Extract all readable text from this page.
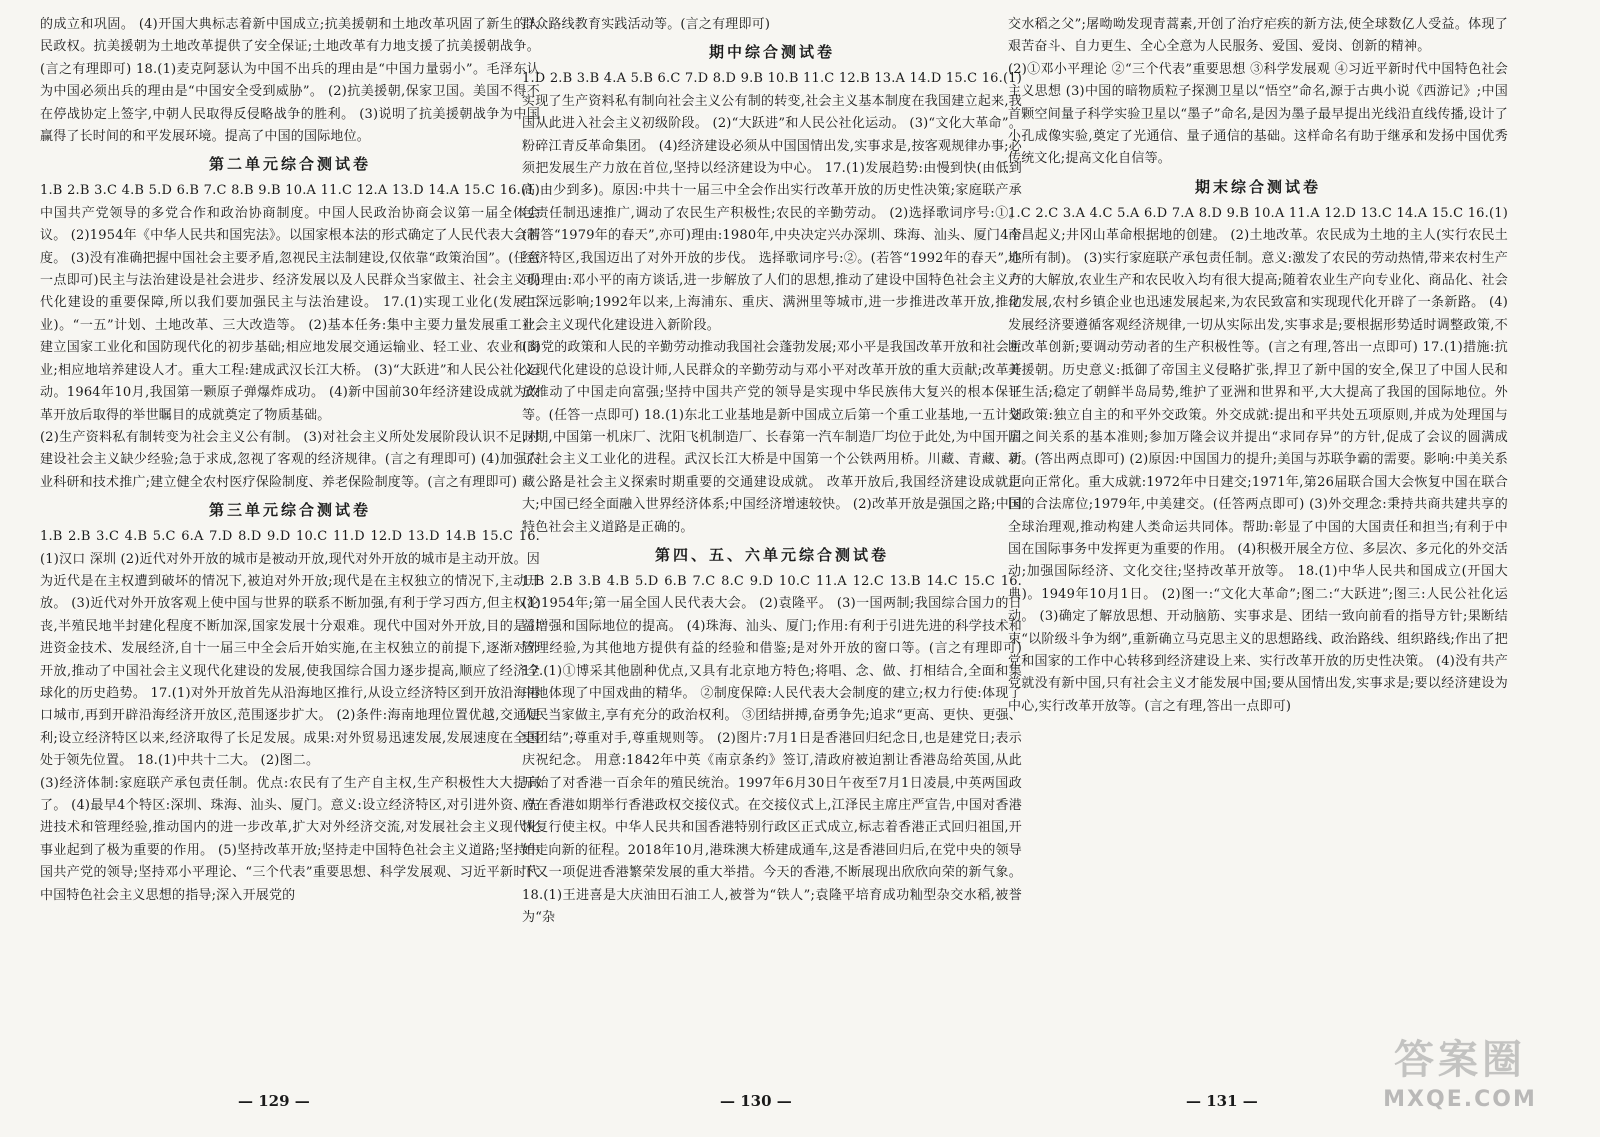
的成立和巩固。 (4)开国大典标志着新中国成立;抗美援朝和土地改革巩固了新生的人民政权。抗美援朝为土地改革提供了安全保证;土地改革有力地支援了抗美援朝战争。(言之有理即可) 18.(1)麦克阿瑟认为中国不出兵的理由是“中国力量弱小”。毛泽东认为中国必须出兵的理由是“中国安全受到威胁”。 (2)抗美援朝,保家卫国。美国不得不在停战协定上签字,中朝人民取得反侵略战争的胜利。 (3)说明了抗美援朝战争为中国赢得了长时间的和平发展环境。提高了中国的国际地位。

第二单元综合测试卷

1.B 2.B 3.C 4.B 5.D 6.B 7.C 8.B 9.B 10.A 11.C 12.A 13.D 14.A 15.C 16.(1)中国共产党领导的多党合作和政治协商制度。中国人民政治协商会议第一届全体会议。 (2)1954年《中华人民共和国宪法》。以国家根本法的形式确定了人民代表大会制度。 (3)没有准确把握中国社会主要矛盾,忽视民主法制建设,仅依靠“政策治国”。(任意一点即可)民主与法治建设是社会进步、经济发展以及人民群众当家做主、社会主义现代化建设的重要保障,所以我们要加强民主与法治建设。 17.(1)实现工业化(发展工业)。“一五”计划、土地改革、三大改造等。 (2)基本任务:集中主要力量发展重工业,建立国家工业化和国防现代化的初步基础;相应地发展交通运输业、轻工业、农业和商业;相应地培养建设人才。重大工程:建成武汉长江大桥。 (3)“大跃进”和人民公社化运动。1964年10月,我国第一颗原子弹爆炸成功。 (4)新中国前30年经济建设成就为改革开放后取得的举世瞩目的成就奠定了物质基础。

(2)生产资料私有制转变为社会主义公有制。 (3)对社会主义所处发展阶段认识不足,对建设社会主义缺少经验;急于求成,忽视了客观的经济规律。(言之有理即可) (4)加强农业科研和技术推广;建立健全农村医疗保险制度、养老保险制度等。(言之有理即可)

第三单元综合测试卷

1.B 2.B 3.C 4.B 5.C 6.A 7.D 8.D 9.D 10.C 11.D 12.D 13.D 14.B 15.C 16.(1)汉口 深圳 (2)近代对外开放的城市是被动开放,现代对外开放的城市是主动开放。因为近代是在主权遭到破坏的情况下,被迫对外开放;现代是在主权独立的情况下,主动开放。 (3)近代对外开放客观上使中国与世界的联系不断加强,有利于学习西方,但主权沦丧,半殖民地半封建化程度不断加深,国家发展十分艰难。现代中国对外开放,目的是引进资金技术、发展经济,自十一届三中全会后开始实施,在主权独立的前提下,逐渐对外开放,推动了中国社会主义现代化建设的发展,使我国综合国力逐步提高,顺应了经济全球化的历史趋势。 17.(1)对外开放首先从沿海地区推行,从设立经济特区到开放沿海港口城市,再到开辟沿海经济开放区,范围逐步扩大。 (2)条件:海南地理位置优越,交通便利;设立经济特区以来,经济取得了长足发展。成果:对外贸易迅速发展,发展速度在全国处于领先位置。 18.(1)中共十二大。 (2)图二。

(3)经济体制:家庭联产承包责任制。优点:农民有了生产自主权,生产积极性大大提高了。 (4)最早4个特区:深圳、珠海、汕头、厦门。意义:设立经济特区,对引进外资、先进技术和管理经验,推动国内的进一步改革,扩大对外经济交流,对发展社会主义现代化事业起到了极为重要的作用。 (5)坚持改革开放;坚持走中国特色社会主义道路;坚持中国共产党的领导;坚持邓小平理论、“三个代表”重要思想、科学发展观、习近平新时代中国特色社会主义思想的指导;深入开展党的

群众路线教育实践活动等。(言之有理即可)

期中综合测试卷

1.D 2.B 3.B 4.A 5.B 6.C 7.D 8.D 9.B 10.B 11.C 12.B 13.A 14.D 15.C 16.(1)实现了生产资料私有制向社会主义公有制的转变,社会主义基本制度在我国建立起来,我国从此进入社会主义初级阶段。 (2)“大跃进”和人民公社化运动。 (3)“文化大革命”。粉碎江青反革命集团。 (4)经济建设必须从中国国情出发,实事求是,按客观规律办事;必须把发展生产力放在首位,坚持以经济建设为中心。 17.(1)发展趋势:由慢到快(由低到高,由少到多)。原因:中共十一届三中全会作出实行改革开放的历史性决策;家庭联产承包责任制迅速推广,调动了农民生产积极性;农民的辛勤劳动。 (2)选择歌词序号:①。(若答“1979年的春天”,亦可)理由:1980年,中央决定兴办深圳、珠海、汕头、厦门4个经济特区,我国迈出了对外开放的步伐。 选择歌词序号:②。(若答“1992年的春天”,亦可)理由:邓小平的南方谈话,进一步解放了人们的思想,推动了建设中国特色社会主义产生深远影响;1992年以来,上海浦东、重庆、满洲里等城市,进一步推进改革开放,推动社会主义现代化建设进入新阶段。

(3)党的政策和人民的辛勤劳动推动我国社会蓬勃发展;邓小平是我国改革开放和社会主义现代化建设的总设计师,人民群众的辛勤劳动与邓小平对改革开放的重大贡献;改革开放推动了中国走向富强;坚持中国共产党的领导是实现中华民族伟大复兴的根本保证等。(任答一点即可) 18.(1)东北工业基地是新中国成立后第一个重工业基地,一五计划时期,中国第一机床厂、沈阳飞机制造厂、长春第一汽车制造厂均位于此处,为中国开启了社会主义工业化的进程。武汉长江大桥是中国第一个公铁两用桥。川藏、青藏、新藏公路是社会主义探索时期重要的交通建设成就。 改革开放后,我国经济建设成就巨大;中国已经全面融入世界经济体系;中国经济增速较快。 (2)改革开放是强国之路;中国特色社会主义道路是正确的。

第四、五、六单元综合测试卷

1.B 2.B 3.B 4.B 5.D 6.B 7.C 8.C 9.D 10.C 11.A 12.C 13.B 14.C 15.C 16.(1)1954年;第一届全国人民代表大会。 (2)袁隆平。 (3)一国两制;我国综合国力的日益增强和国际地位的提高。 (4)珠海、汕头、厦门;作用:有利于引进先进的科学技术和管理经验,为其他地方提供有益的经验和借鉴;是对外开放的窗口等。(言之有理即可) 17.(1)①博采其他剧种优点,又具有北京地方特色;将唱、念、做、打相结合,全面和集中地体现了中国戏曲的精华。 ②制度保障:人民代表大会制度的建立;权力行使:体现了人民当家做主,享有充分的政治权利。 ③团结拼搏,奋勇争先;追求“更高、更快、更强、更团结”;尊重对手,尊重规则等。 (2)图片:7月1日是香港回归纪念日,也是建党日;表示庆祝纪念。 用意:1842年中英《南京条约》签订,清政府被迫割让香港岛给英国,从此开始了对香港一百余年的殖民统治。1997年6月30日午夜至7月1日凌晨,中英两国政府在香港如期举行香港政权交接仪式。在交接仪式上,江泽民主席庄严宣告,中国对香港恢复行使主权。中华人民共和国香港特别行政区正式成立,标志着香港正式回归祖国,开始走向新的征程。2018年10月,港珠澳大桥建成通车,这是香港回归后,在党中央的领导下又一项促进香港繁荣发展的重大举措。今天的香港,不断展现出欣欣向荣的新气象。 18.(1)王进喜是大庆油田石油工人,被誉为“铁人”;袁隆平培育成功籼型杂交水稻,被誉为“杂

交水稻之父”;屠呦呦发现青蒿素,开创了治疗疟疾的新方法,使全球数亿人受益。体现了艰苦奋斗、自力更生、全心全意为人民服务、爱国、爱岗、创新的精神。

(2)①邓小平理论 ②“三个代表”重要思想 ③科学发展观 ④习近平新时代中国特色社会主义思想 (3)中国的暗物质粒子探测卫星以“悟空”命名,源于古典小说《西游记》;中国首颗空间量子科学实验卫星以“墨子”命名,是因为墨子最早提出光线沿直线传播,设计了小孔成像实验,奠定了光通信、量子通信的基础。这样命名有助于继承和发扬中国优秀传统文化;提高文化自信等。

期末综合测试卷

1.C 2.C 3.A 4.C 5.A 6.D 7.A 8.D 9.B 10.A 11.A 12.D 13.C 14.A 15.C 16.(1)南昌起义;井冈山革命根据地的创建。 (2)土地改革。农民成为土地的主人(实行农民土地所有制)。 (3)实行家庭联产承包责任制。意义:激发了农民的劳动热情,带来农村生产力的大解放,农业生产和农民收入均有很大提高;随着农业生产向专业化、商品化、社会化发展,农村乡镇企业也迅速发展起来,为农民致富和实现现代化开辟了一条新路。 (4)发展经济要遵循客观经济规律,一切从实际出发,实事求是;要根据形势适时调整政策,不断改革创新;要调动劳动者的生产积极性等。(言之有理,答出一点即可) 17.(1)措施:抗美援朝。历史意义:抵御了帝国主义侵略扩张,捍卫了新中国的安全,保卫了中国人民和平生活;稳定了朝鲜半岛局势,维护了亚洲和世界和平,大大提高了我国的国际地位。外交政策:独立自主的和平外交政策。外交成就:提出和平共处五项原则,并成为处理国与国之间关系的基本准则;参加万隆会议并提出“求同存异”的方针,促成了会议的圆满成功。(答出两点即可) (2)原因:中国国力的提升;美国与苏联争霸的需要。影响:中美关系走向正常化。重大成就:1972年中日建交;1971年,第26届联合国大会恢复中国在联合国的合法席位;1979年,中美建交。(任答两点即可) (3)外交理念:秉持共商共建共享的全球治理观,推动构建人类命运共同体。帮助:彰显了中国的大国责任和担当;有利于中国在国际事务中发挥更为重要的作用。 (4)积极开展全方位、多层次、多元化的外交活动;加强国际经济、文化交往;坚持改革开放等。 18.(1)中华人民共和国成立(开国大典)。1949年10月1日。 (2)图一:“文化大革命”;图二:“大跃进”;图三:人民公社化运动。 (3)确定了解放思想、开动脑筋、实事求是、团结一致向前看的指导方针;果断结束“以阶级斗争为纲”,重新确立马克思主义的思想路线、政治路线、组织路线;作出了把党和国家的工作中心转移到经济建设上来、实行改革开放的历史性决策。 (4)没有共产党就没有新中国,只有社会主义才能发展中国;要从国情出发,实事求是;要以经济建设为中心,实行改革开放等。(言之有理,答出一点即可)

— 129 —	— 130 —	— 131 —
答案圈
MXQE.COM
